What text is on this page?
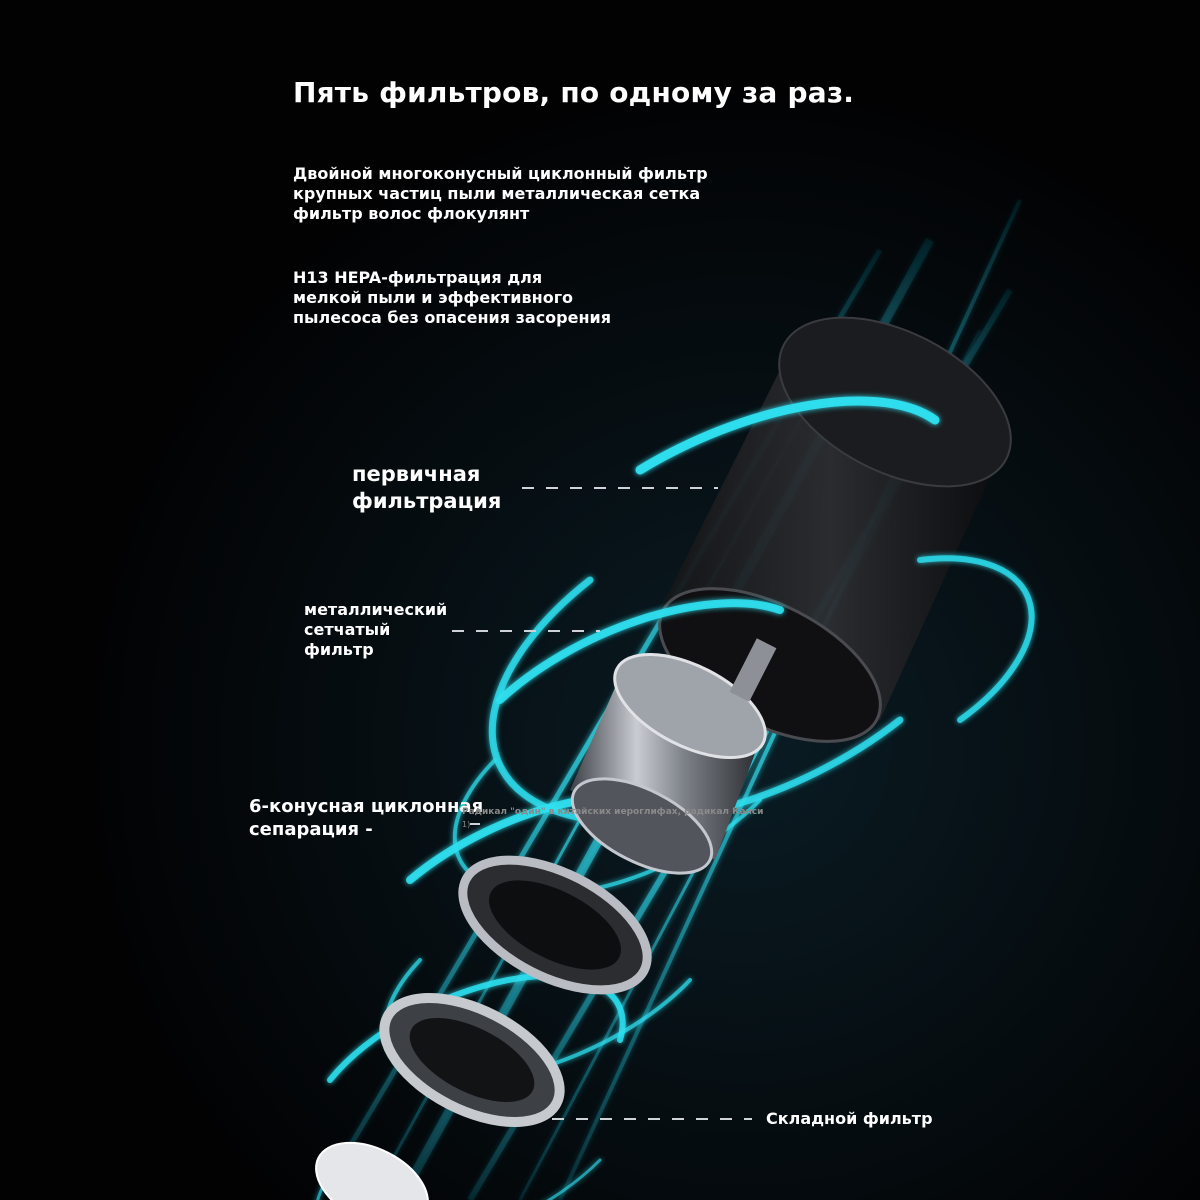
Пять фильтров, по одному за раз.
Двойной многоконусный циклонный фильтр
крупных частиц пыли металлическая сетка
фильтр волос флокулянт
H13 HEPA-фильтрация для
мелкой пыли и эффективного
пылесоса без опасения засорения
первичная
фильтрация
металлический
сетчатый
фильтр
6-конусная циклонная
сепарация -
Радикал "один" в китайских иероглифах, радикал Канси
1)
Складной фильтр
